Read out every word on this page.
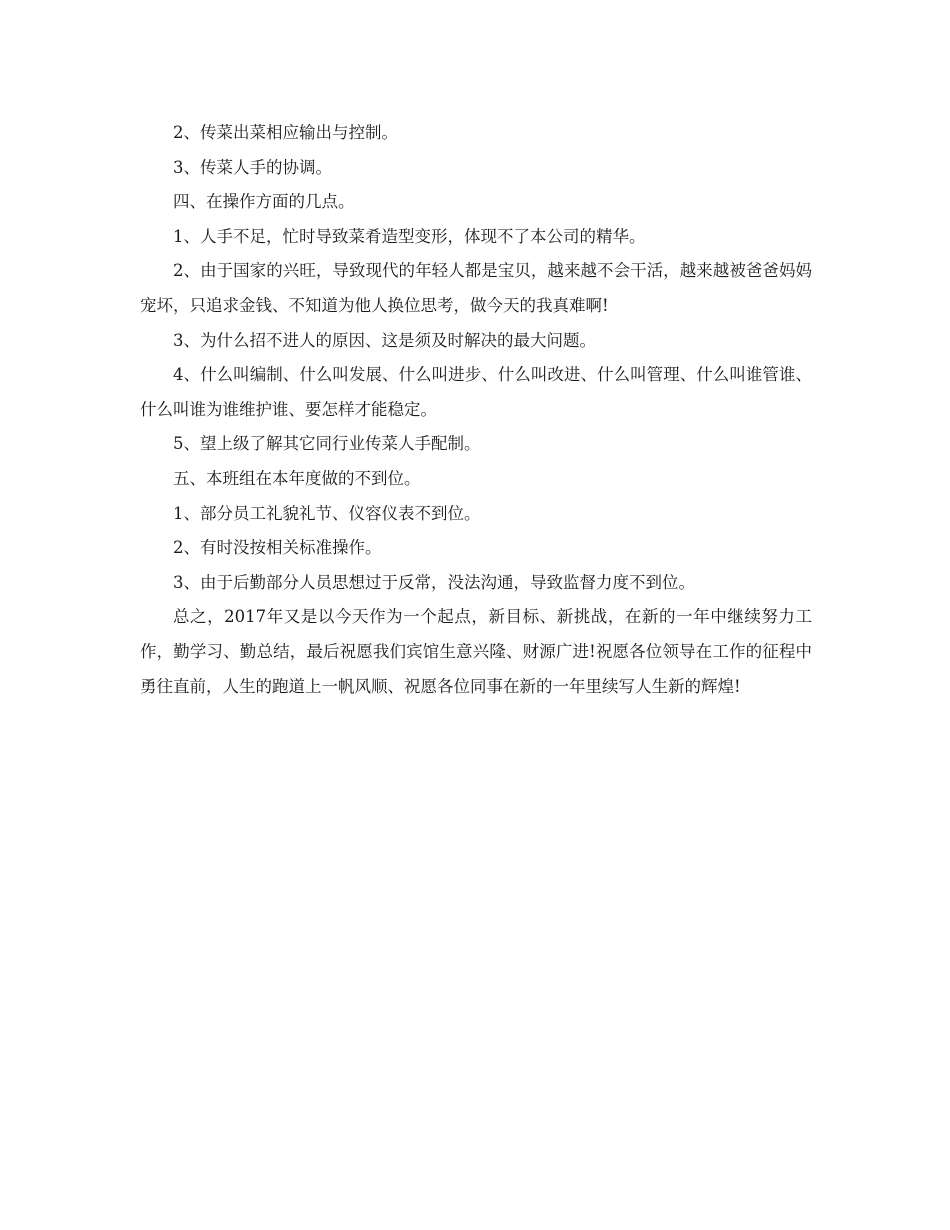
2、传菜出菜相应输出与控制。

3、传菜人手的协调。

四、在操作方面的几点。

1、人手不足，忙时导致菜肴造型变形，体现不了本公司的精华。

2、由于国家的兴旺，导致现代的年轻人都是宝贝，越来越不会干活，越来越被爸爸妈妈宠坏，只追求金钱、不知道为他人换位思考，做今天的我真难啊!

3、为什么招不进人的原因、这是须及时解决的最大问题。

4、什么叫编制、什么叫发展、什么叫进步、什么叫改进、什么叫管理、什么叫谁管谁、什么叫谁为谁维护谁、要怎样才能稳定。

5、望上级了解其它同行业传菜人手配制。

五、本班组在本年度做的不到位。

1、部分员工礼貌礼节、仪容仪表不到位。

2、有时没按相关标准操作。

3、由于后勤部分人员思想过于反常，没法沟通，导致监督力度不到位。

总之，2017年又是以今天作为一个起点，新目标、新挑战，在新的一年中继续努力工作，勤学习、勤总结，最后祝愿我们宾馆生意兴隆、财源广进!祝愿各位领导在工作的征程中勇往直前，人生的跑道上一帆风顺、祝愿各位同事在新的一年里续写人生新的辉煌!
